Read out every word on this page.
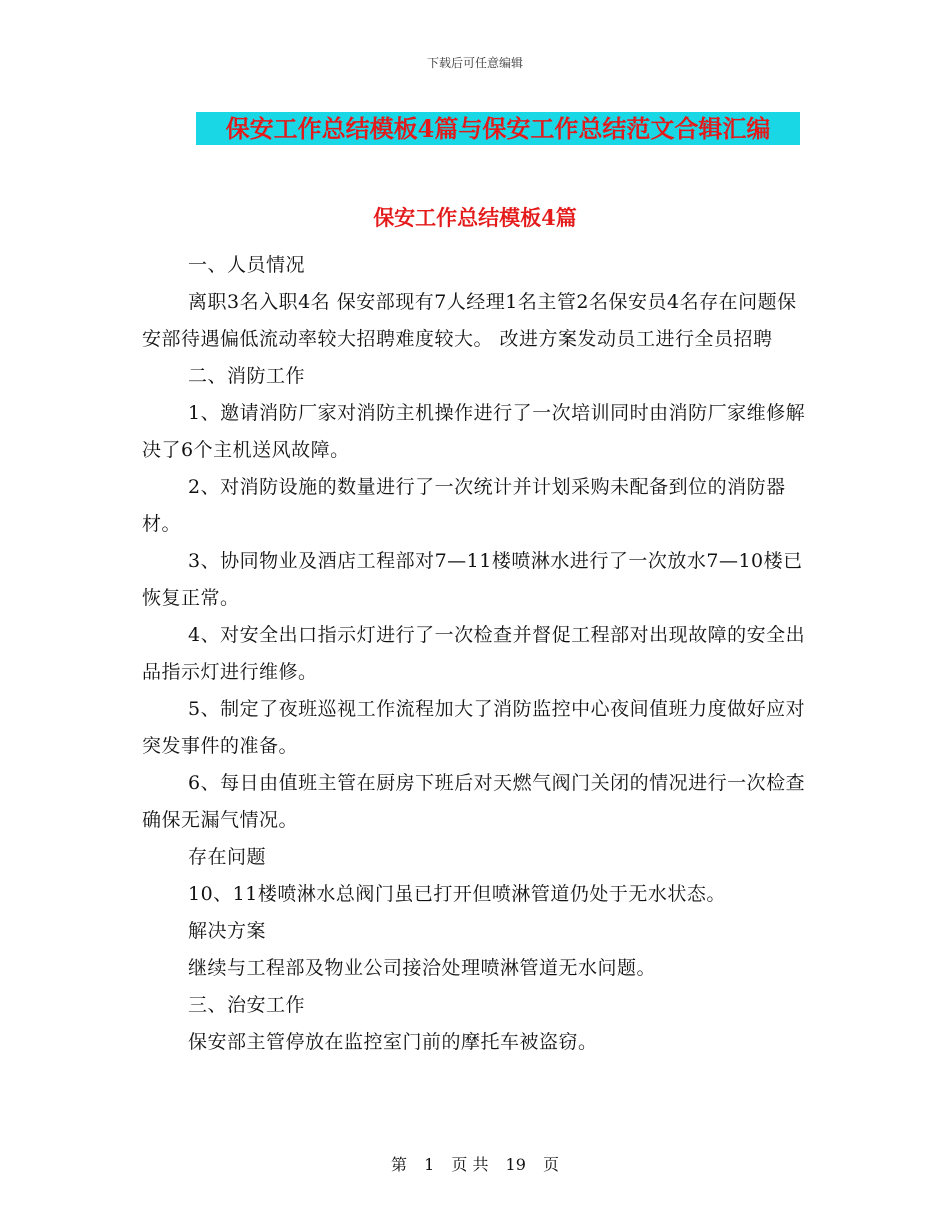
下载后可任意编辑
保安工作总结模板4篇与保安工作总结范文合辑汇编
保安工作总结模板4篇

一、人员情况

离职3名入职4名 保安部现有7人经理1名主管2名保安员4名存在问题保安部待遇偏低流动率较大招聘难度较大。 改进方案发动员工进行全员招聘

二、消防工作

1、邀请消防厂家对消防主机操作进行了一次培训同时由消防厂家维修解决了6个主机送风故障。

2、对消防设施的数量进行了一次统计并计划采购未配备到位的消防器材。

3、协同物业及酒店工程部对7—11楼喷淋水进行了一次放水7—10楼已恢复正常。

4、对安全出口指示灯进行了一次检查并督促工程部对出现故障的安全出品指示灯进行维修。

5、制定了夜班巡视工作流程加大了消防监控中心夜间值班力度做好应对突发事件的准备。

6、每日由值班主管在厨房下班后对天燃气阀门关闭的情况进行一次检查确保无漏气情况。

存在问题

10、11楼喷淋水总阀门虽已打开但喷淋管道仍处于无水状态。

解决方案

继续与工程部及物业公司接洽处理喷淋管道无水问题。

三、治安工作

保安部主管停放在监控室门前的摩托车被盗窃。

第 1 页 共 19 页
